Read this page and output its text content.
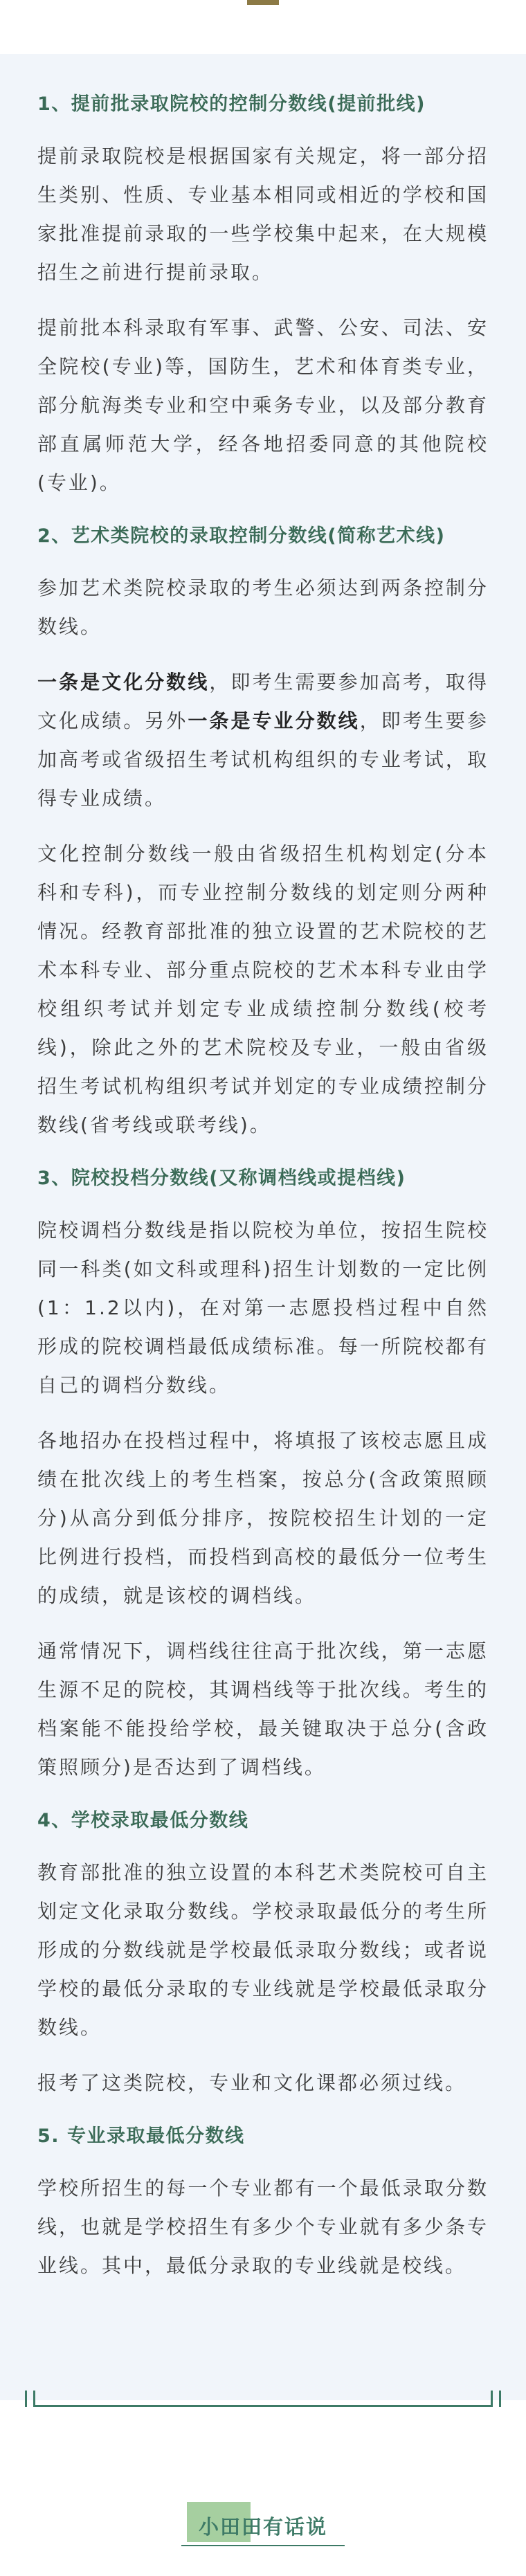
1、提前批录取院校的控制分数线(提前批线)

提前录取院校是根据国家有关规定，将一部分招生类别、性质、专业基本相同或相近的学校和国家批准提前录取的一些学校集中起来，在大规模招生之前进行提前录取。

提前批本科录取有军事、武警、公安、司法、安全院校(专业)等，国防生，艺术和体育类专业，部分航海类专业和空中乘务专业，以及部分教育部直属师范大学，经各地招委同意的其他院校(专业)。

2、艺术类院校的录取控制分数线(简称艺术线)

参加艺术类院校录取的考生必须达到两条控制分数线。

一条是文化分数线，即考生需要参加高考，取得文化成绩。另外一条是专业分数线，即考生要参加高考或省级招生考试机构组织的专业考试，取得专业成绩。

文化控制分数线一般由省级招生机构划定(分本科和专科)，而专业控制分数线的划定则分两种情况。经教育部批准的独立设置的艺术院校的艺术本科专业、部分重点院校的艺术本科专业由学校组织考试并划定专业成绩控制分数线(校考线)，除此之外的艺术院校及专业，一般由省级招生考试机构组织考试并划定的专业成绩控制分数线(省考线或联考线)。

3、院校投档分数线(又称调档线或提档线)

院校调档分数线是指以院校为单位，按招生院校同一科类(如文科或理科)招生计划数的一定比例(1：1.2以内)，在对第一志愿投档过程中自然形成的院校调档最低成绩标准。每一所院校都有自己的调档分数线。

各地招办在投档过程中，将填报了该校志愿且成绩在批次线上的考生档案，按总分(含政策照顾分)从高分到低分排序，按院校招生计划的一定比例进行投档，而投档到高校的最低分一位考生的成绩，就是该校的调档线。

通常情况下，调档线往往高于批次线，第一志愿生源不足的院校，其调档线等于批次线。考生的档案能不能投给学校，最关键取决于总分(含政策照顾分)是否达到了调档线。

4、学校录取最低分数线

教育部批准的独立设置的本科艺术类院校可自主划定文化录取分数线。学校录取最低分的考生所形成的分数线就是学校最低录取分数线；或者说学校的最低分录取的专业线就是学校最低录取分数线。

报考了这类院校，专业和文化课都必须过线。

5. 专业录取最低分数线

学校所招生的每一个专业都有一个最低录取分数线，也就是学校招生有多少个专业就有多少条专业线。其中，最低分录取的专业线就是校线。

小田田有话说
